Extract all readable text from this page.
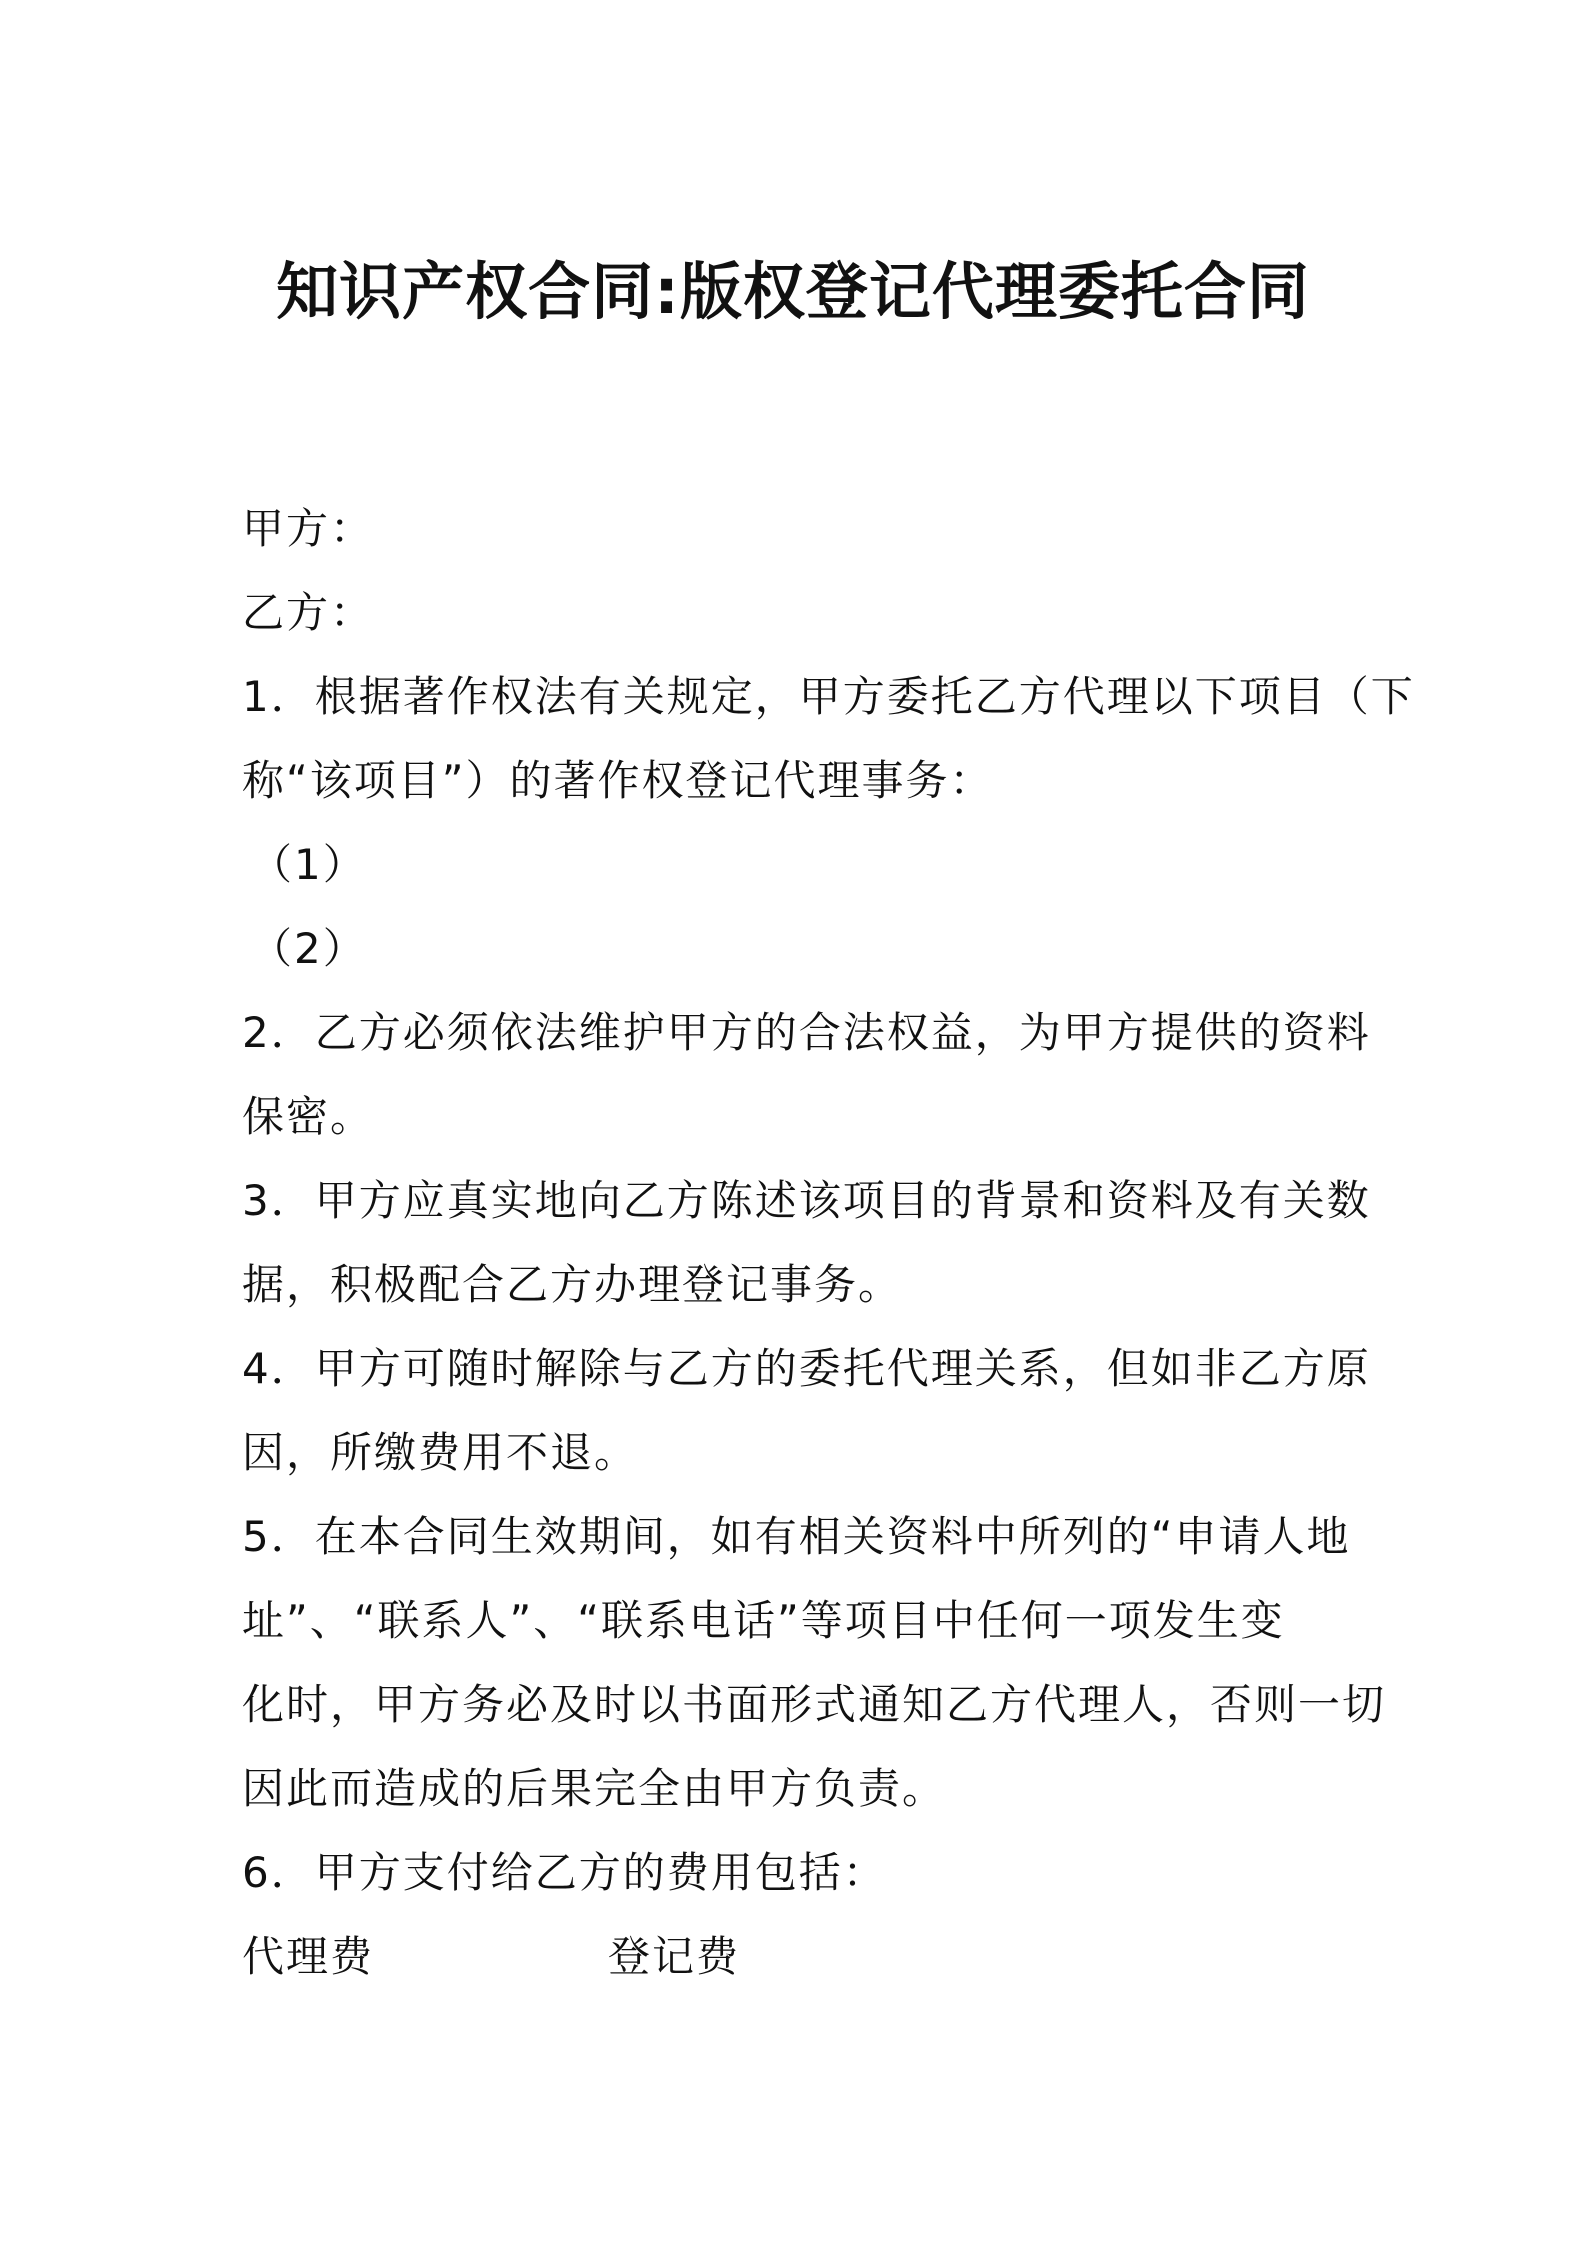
知识产权合同:版权登记代理委托合同
甲方：
乙方：
1．根据著作权法有关规定，甲方委托乙方代理以下项目（下
称“该项目”）的著作权登记代理事务：
（1）
（2）
2．乙方必须依法维护甲方的合法权益，为甲方提供的资料
保密。
3．甲方应真实地向乙方陈述该项目的背景和资料及有关数
据，积极配合乙方办理登记事务。
4．甲方可随时解除与乙方的委托代理关系，但如非乙方原
因，所缴费用不退。
5．在本合同生效期间，如有相关资料中所列的“申请人地
址”、“联系人”、“联系电话”等项目中任何一项发生变
化时，甲方务必及时以书面形式通知乙方代理人，否则一切
因此而造成的后果完全由甲方负责。
6．甲方支付给乙方的费用包括：
代理费	登记费
